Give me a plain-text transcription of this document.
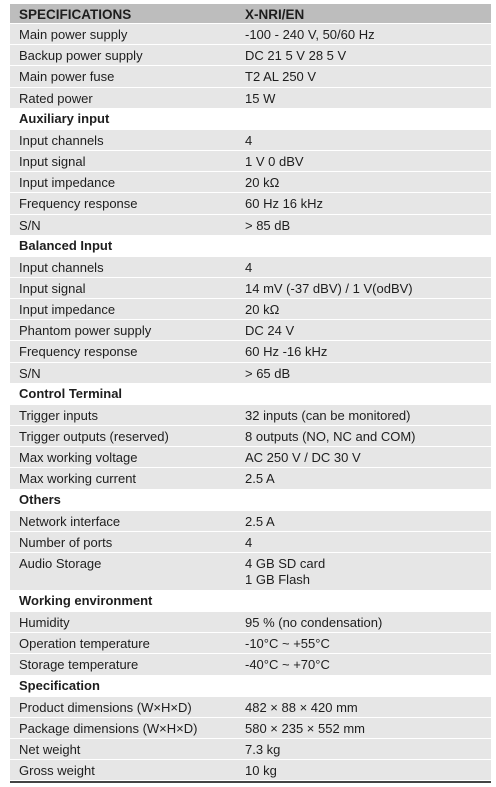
SPECIFICATIONS	X-NRI/EN
Main power supply	-100 - 240 V, 50/60 Hz
Backup power supply	DC 21 5 V 28 5 V
Main power fuse	T2 AL 250 V
Rated power	15 W
Auxiliary input
Input channels	4
Input signal	1 V 0 dBV
Input impedance	20 kΩ
Frequency response	60 Hz 16 kHz
S/N	> 85 dB
Balanced Input
Input channels	4
Input signal	14 mV (-37 dBV) / 1 V(odBV)
Input impedance	20 kΩ
Phantom power supply	DC 24 V
Frequency response	60 Hz -16 kHz
S/N	> 65 dB
Control Terminal
Trigger inputs	32 inputs (can be monitored)
Trigger outputs (reserved)	8 outputs (NO, NC and COM)
Max working voltage	AC 250 V / DC 30 V
Max working current	2.5 A
Others
Network interface	2.5 A
Number of ports	4
Audio Storage	4 GB SD card
1 GB Flash
Working environment
Humidity	95 % (no condensation)
Operation temperature	-10°C ~ +55°C
Storage temperature	-40°C ~ +70°C
Specification
Product dimensions (W×H×D)	482 × 88 × 420 mm
Package dimensions (W×H×D)	580 × 235 × 552 mm
Net weight	7.3 kg
Gross weight	10 kg
